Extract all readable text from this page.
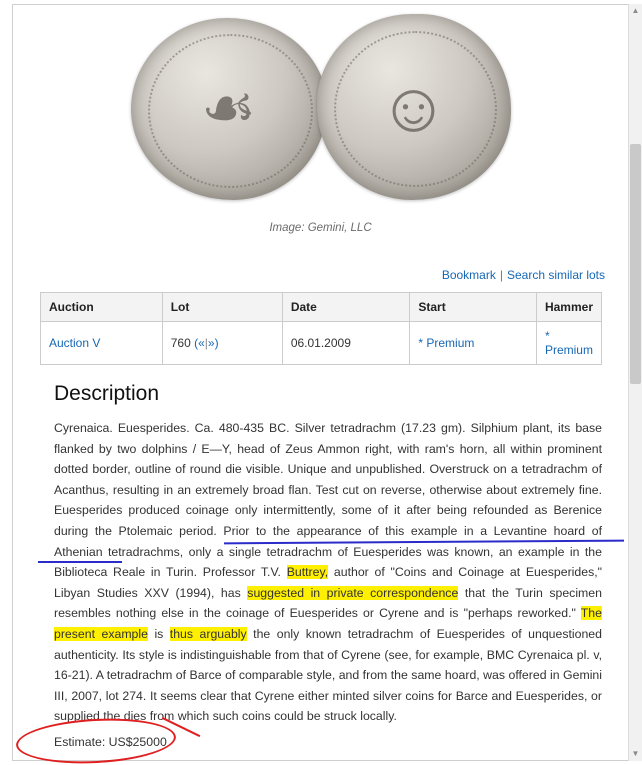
☙ ☺
Image: Gemini, LLC
Bookmark | Search similar lots
Auction	Lot	Date	Start	Hammer
Auction V	760 («|»)	06.01.2009	* Premium	* Premium
Description
Cyrenaica. Euesperides. Ca. 480-435 BC. Silver tetradrachm (17.23 gm). Silphium plant, its base flanked by two dolphins / E—Y, head of Zeus Ammon right, with ram's horn, all within prominent dotted border, outline of round die visible. Unique and unpublished. Overstruck on a tetradrachm of Acanthus, resulting in an extremely broad flan. Test cut on reverse, otherwise about extremely fine. Euesperides produced coinage only intermittently, some of it after being refounded as Berenice during the Ptolemaic period. Prior to the appearance of this example in a Levantine hoard of Athenian tetradrachms, only a single tetradrachm of Euesperides was known, an example in the Biblioteca Reale in Turin. Professor T.V. Buttrey, author of "Coins and Coinage at Euesperides," Libyan Studies XXV (1994), has suggested in private correspondence that the Turin specimen resembles nothing else in the coinage of Euesperides or Cyrene and is "perhaps reworked." The present example is thus arguably the only known tetradrachm of Euesperides of unquestioned authenticity. Its style is indistinguishable from that of Cyrene (see, for example, BMC Cyrenaica pl. v, 16-21). A tetradrachm of Barce of comparable style, and from the same hoard, was offered in Gemini III, 2007, lot 274. It seems clear that Cyrene either minted silver coins for Barce and Euesperides, or supplied the dies from which such coins could be struck locally.
Estimate: US$25000
▲
▼
